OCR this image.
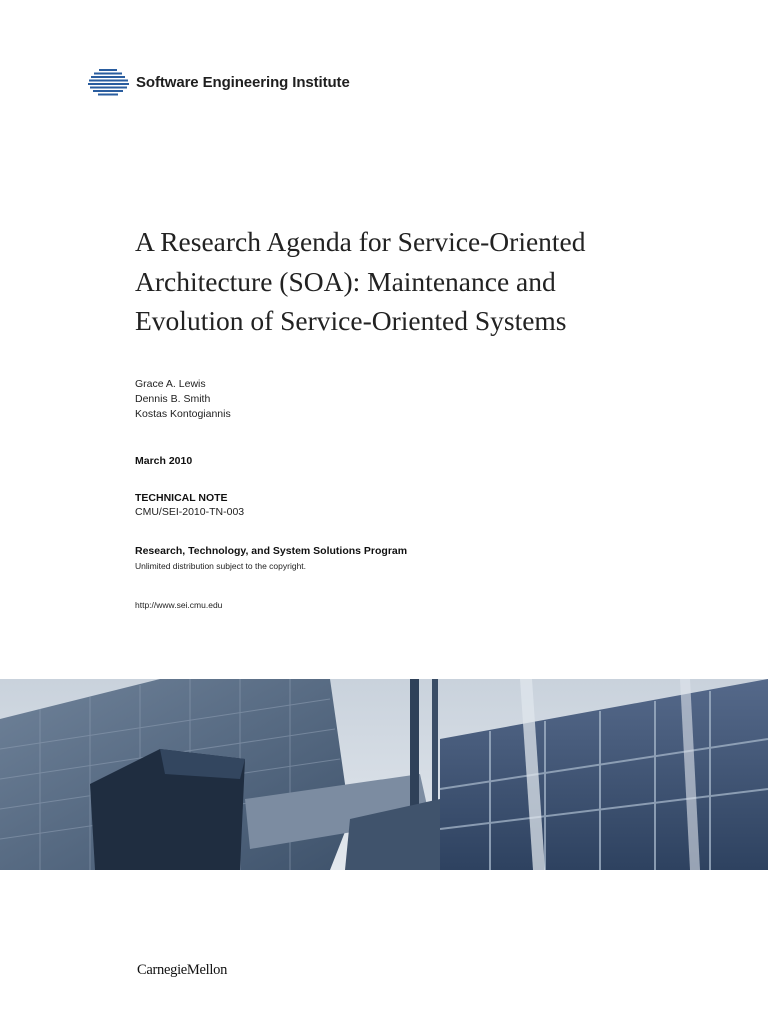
Software Engineering Institute
A Research Agenda for Service-Oriented
Architecture (SOA): Maintenance and
Evolution of Service-Oriented Systems
Grace A. Lewis
Dennis B. Smith
Kostas Kontogiannis
March 2010
TECHNICAL NOTE
CMU/SEI-2010-TN-003
Research, Technology, and System Solutions Program
Unlimited distribution subject to the copyright.
http://www.sei.cmu.edu
CarnegieMellon
